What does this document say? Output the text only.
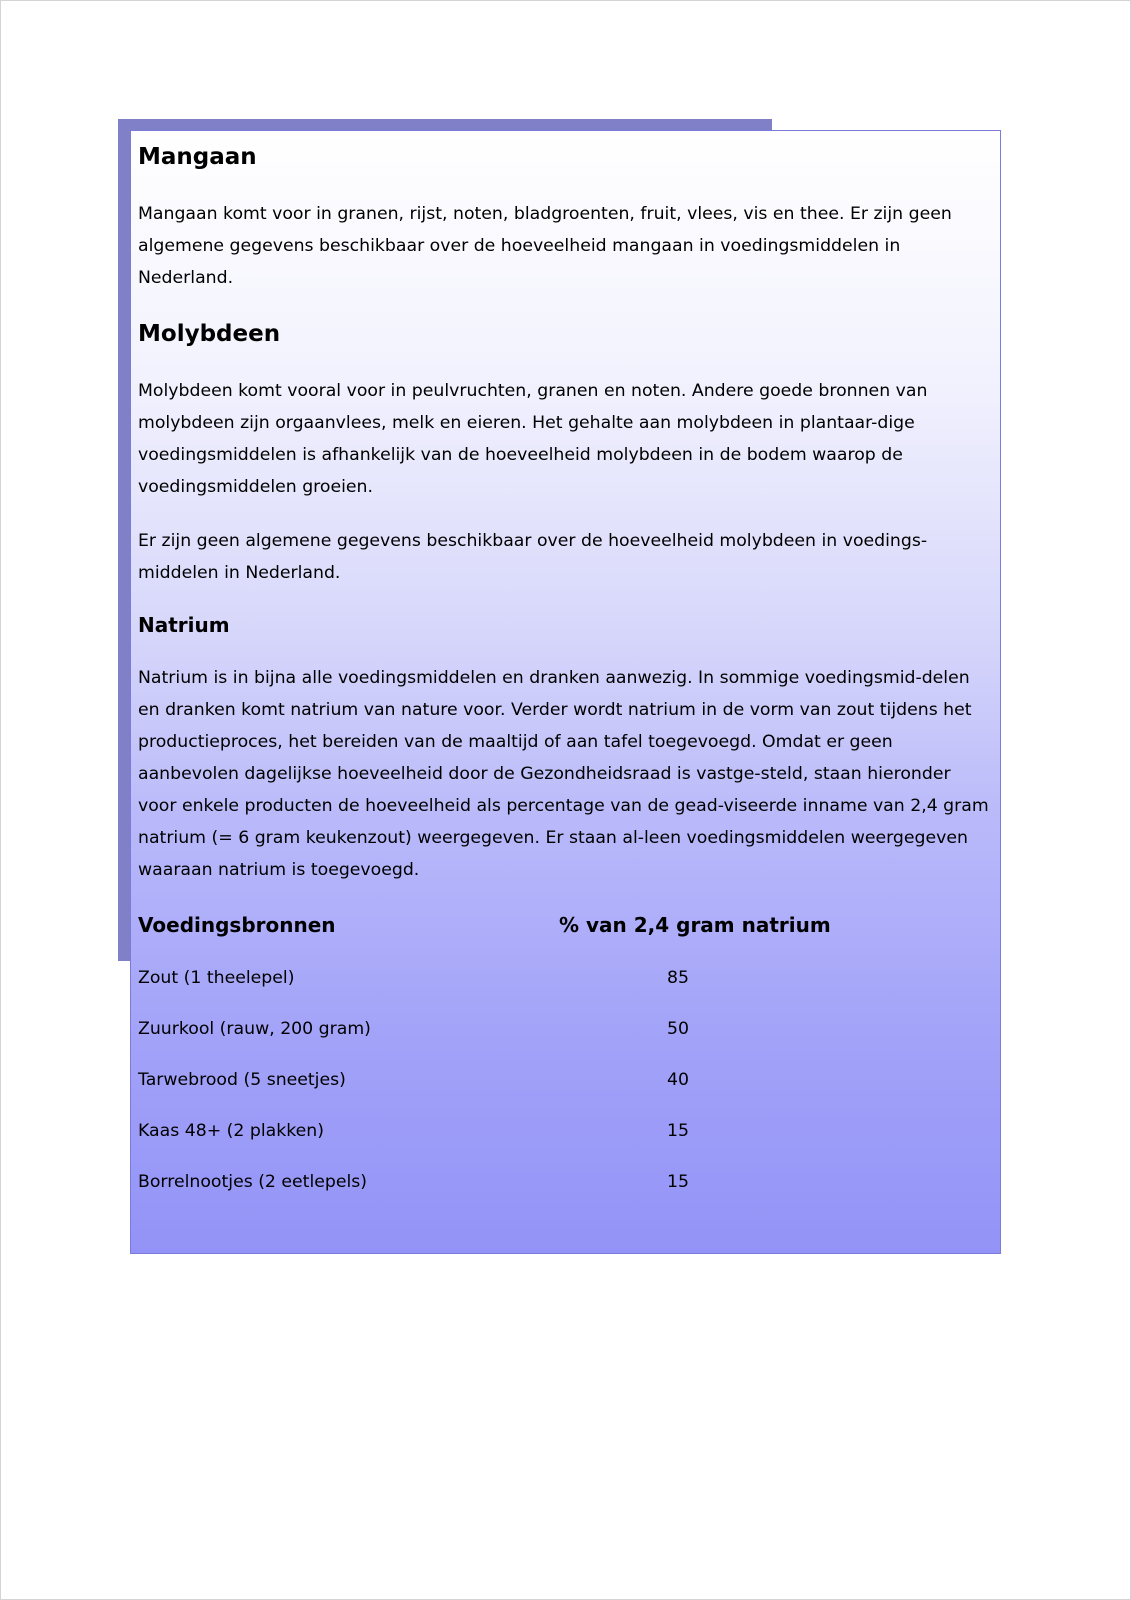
Mangaan

Mangaan komt voor in granen, rijst, noten, bladgroenten, fruit, vlees, vis en thee. Er zijn geen algemene gegevens beschikbaar over de hoeveelheid mangaan in voedingsmiddelen in Nederland.

Molybdeen

Molybdeen komt vooral voor in peulvruchten, granen en noten. Andere goede bronnen van molybdeen zijn orgaanvlees, melk en eieren. Het gehalte aan molybdeen in plantaar-dige voedingsmiddelen is afhankelijk van de hoeveelheid molybdeen in de bodem waarop de voedingsmiddelen groeien.

Er zijn geen algemene gegevens beschikbaar over de hoeveelheid molybdeen in voedings-middelen in Nederland.

Natrium

Natrium is in bijna alle voedingsmiddelen en dranken aanwezig. In sommige voedingsmid-delen en dranken komt natrium van nature voor. Verder wordt natrium in de vorm van zout tijdens het productieproces, het bereiden van de maaltijd of aan tafel toegevoegd. Omdat er geen aanbevolen dagelijkse hoeveelheid door de Gezondheidsraad is vastge-steld, staan hieronder voor enkele producten de hoeveelheid als percentage van de gead-viseerde inname van 2,4 gram natrium (= 6 gram keukenzout) weergegeven. Er staan al-leen voedingsmiddelen weergegeven waaraan natrium is toegevoegd.

Voedingsbronnen	% van 2,4 gram natrium
Zout (1 theelepel)	85
Zuurkool (rauw, 200 gram)	50
Tarwebrood (5 sneetjes)	40
Kaas 48+ (2 plakken)	15
Borrelnootjes (2 eetlepels)	15
